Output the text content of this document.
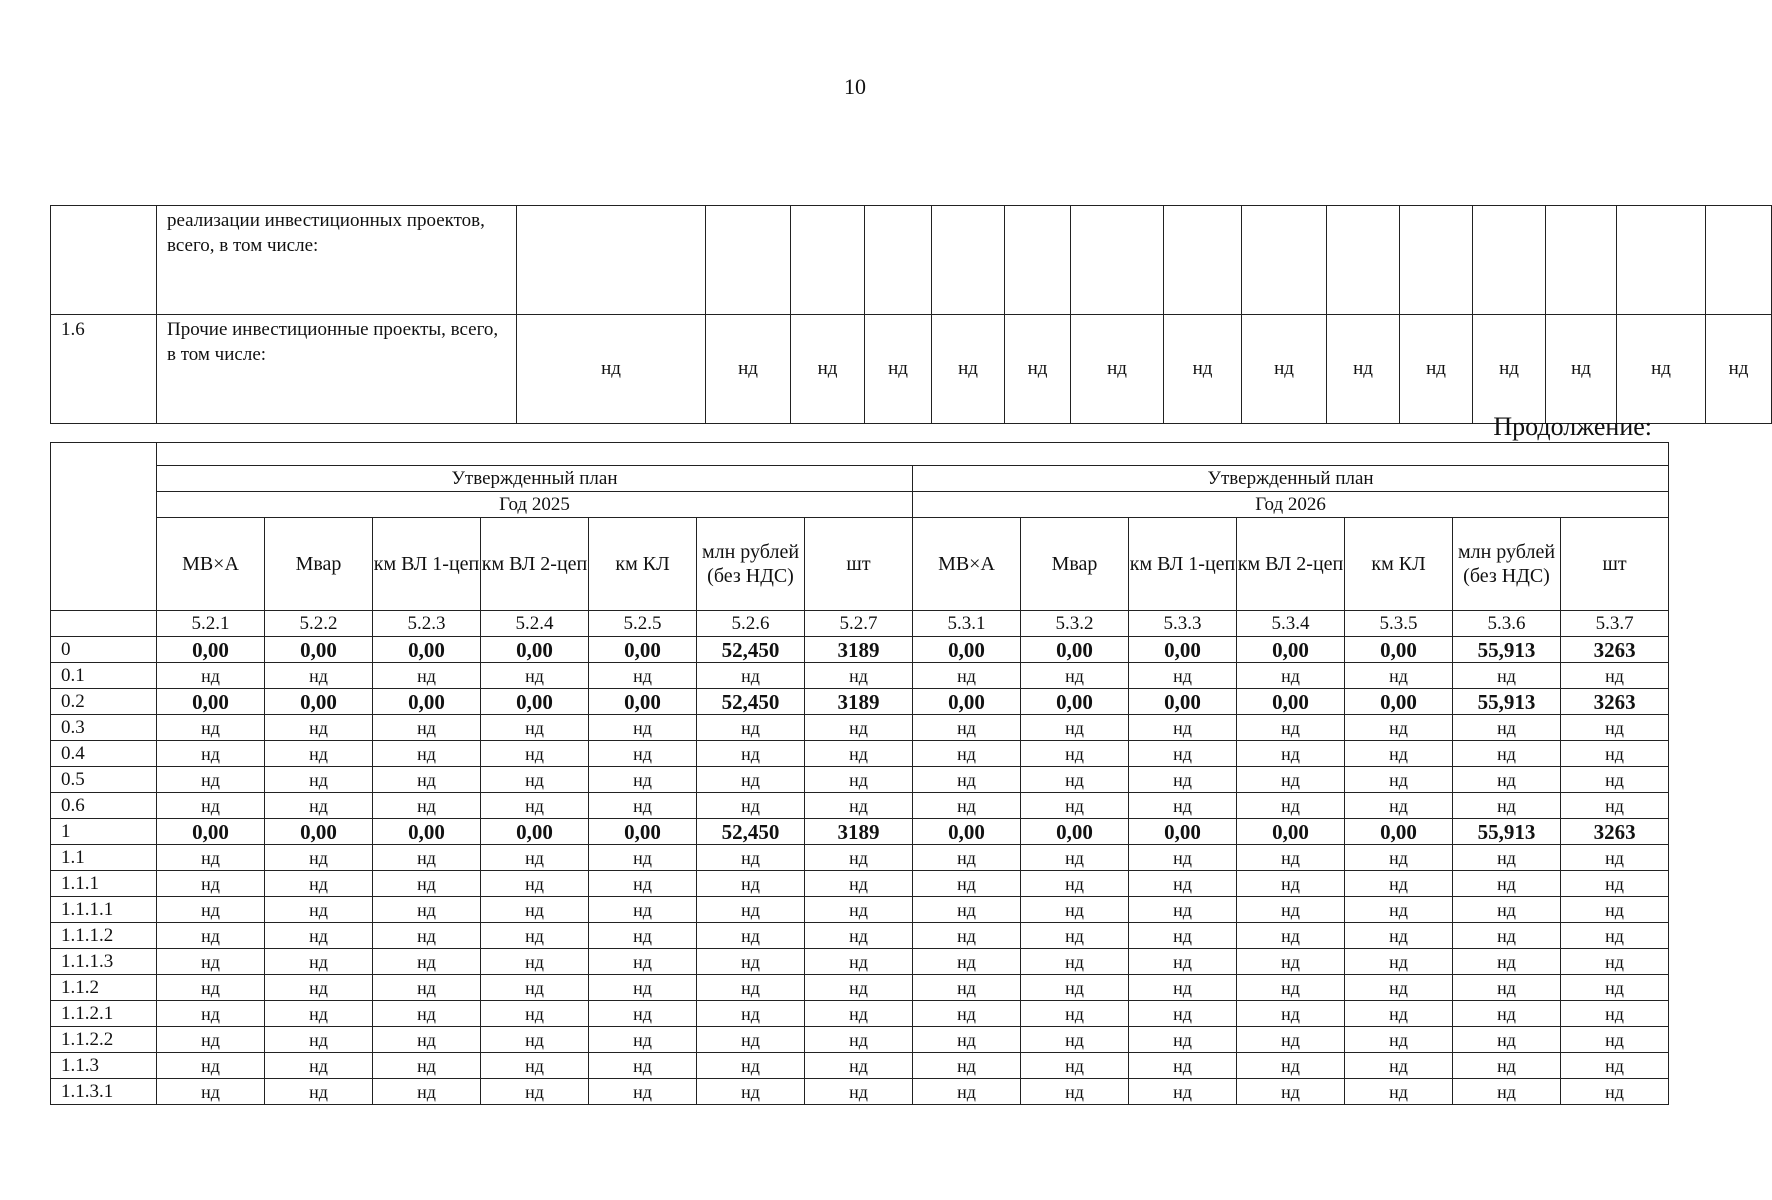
10
	реализации инвестиционных проектов, всего, в том числе:															
1.6	Прочие инвестиционные проекты, всего, в том числе:	нд	нд	нд	нд	нд	нд	нд	нд	нд	нд	нд	нд	нд	нд	нд
Продолжение:

	Утвержденный план							Утвержденный план						
	Год 2025							Год 2026						
	МВ×А	Мвар	км ВЛ 1-цеп	км ВЛ 2-цеп	км КЛ	млн рублей (без НДС)	шт	МВ×А	Мвар	км ВЛ 1-цеп	км ВЛ 2-цеп	км КЛ	млн рублей (без НДС)	шт
	5.2.1	5.2.2	5.2.3	5.2.4	5.2.5	5.2.6	5.2.7	5.3.1	5.3.2	5.3.3	5.3.4	5.3.5	5.3.6	5.3.7
0	0,00	0,00	0,00	0,00	0,00	52,450	3189	0,00	0,00	0,00	0,00	0,00	55,913	3263
0.1	нд	нд	нд	нд	нд	нд	нд	нд	нд	нд	нд	нд	нд	нд
0.2	0,00	0,00	0,00	0,00	0,00	52,450	3189	0,00	0,00	0,00	0,00	0,00	55,913	3263
0.3	нд	нд	нд	нд	нд	нд	нд	нд	нд	нд	нд	нд	нд	нд
0.4	нд	нд	нд	нд	нд	нд	нд	нд	нд	нд	нд	нд	нд	нд
0.5	нд	нд	нд	нд	нд	нд	нд	нд	нд	нд	нд	нд	нд	нд
0.6	нд	нд	нд	нд	нд	нд	нд	нд	нд	нд	нд	нд	нд	нд
1	0,00	0,00	0,00	0,00	0,00	52,450	3189	0,00	0,00	0,00	0,00	0,00	55,913	3263
1.1	нд	нд	нд	нд	нд	нд	нд	нд	нд	нд	нд	нд	нд	нд
1.1.1	нд	нд	нд	нд	нд	нд	нд	нд	нд	нд	нд	нд	нд	нд
1.1.1.1	нд	нд	нд	нд	нд	нд	нд	нд	нд	нд	нд	нд	нд	нд
1.1.1.2	нд	нд	нд	нд	нд	нд	нд	нд	нд	нд	нд	нд	нд	нд
1.1.1.3	нд	нд	нд	нд	нд	нд	нд	нд	нд	нд	нд	нд	нд	нд
1.1.2	нд	нд	нд	нд	нд	нд	нд	нд	нд	нд	нд	нд	нд	нд
1.1.2.1	нд	нд	нд	нд	нд	нд	нд	нд	нд	нд	нд	нд	нд	нд
1.1.2.2	нд	нд	нд	нд	нд	нд	нд	нд	нд	нд	нд	нд	нд	нд
1.1.3	нд	нд	нд	нд	нд	нд	нд	нд	нд	нд	нд	нд	нд	нд
1.1.3.1	нд	нд	нд	нд	нд	нд	нд	нд	нд	нд	нд	нд	нд	нд
